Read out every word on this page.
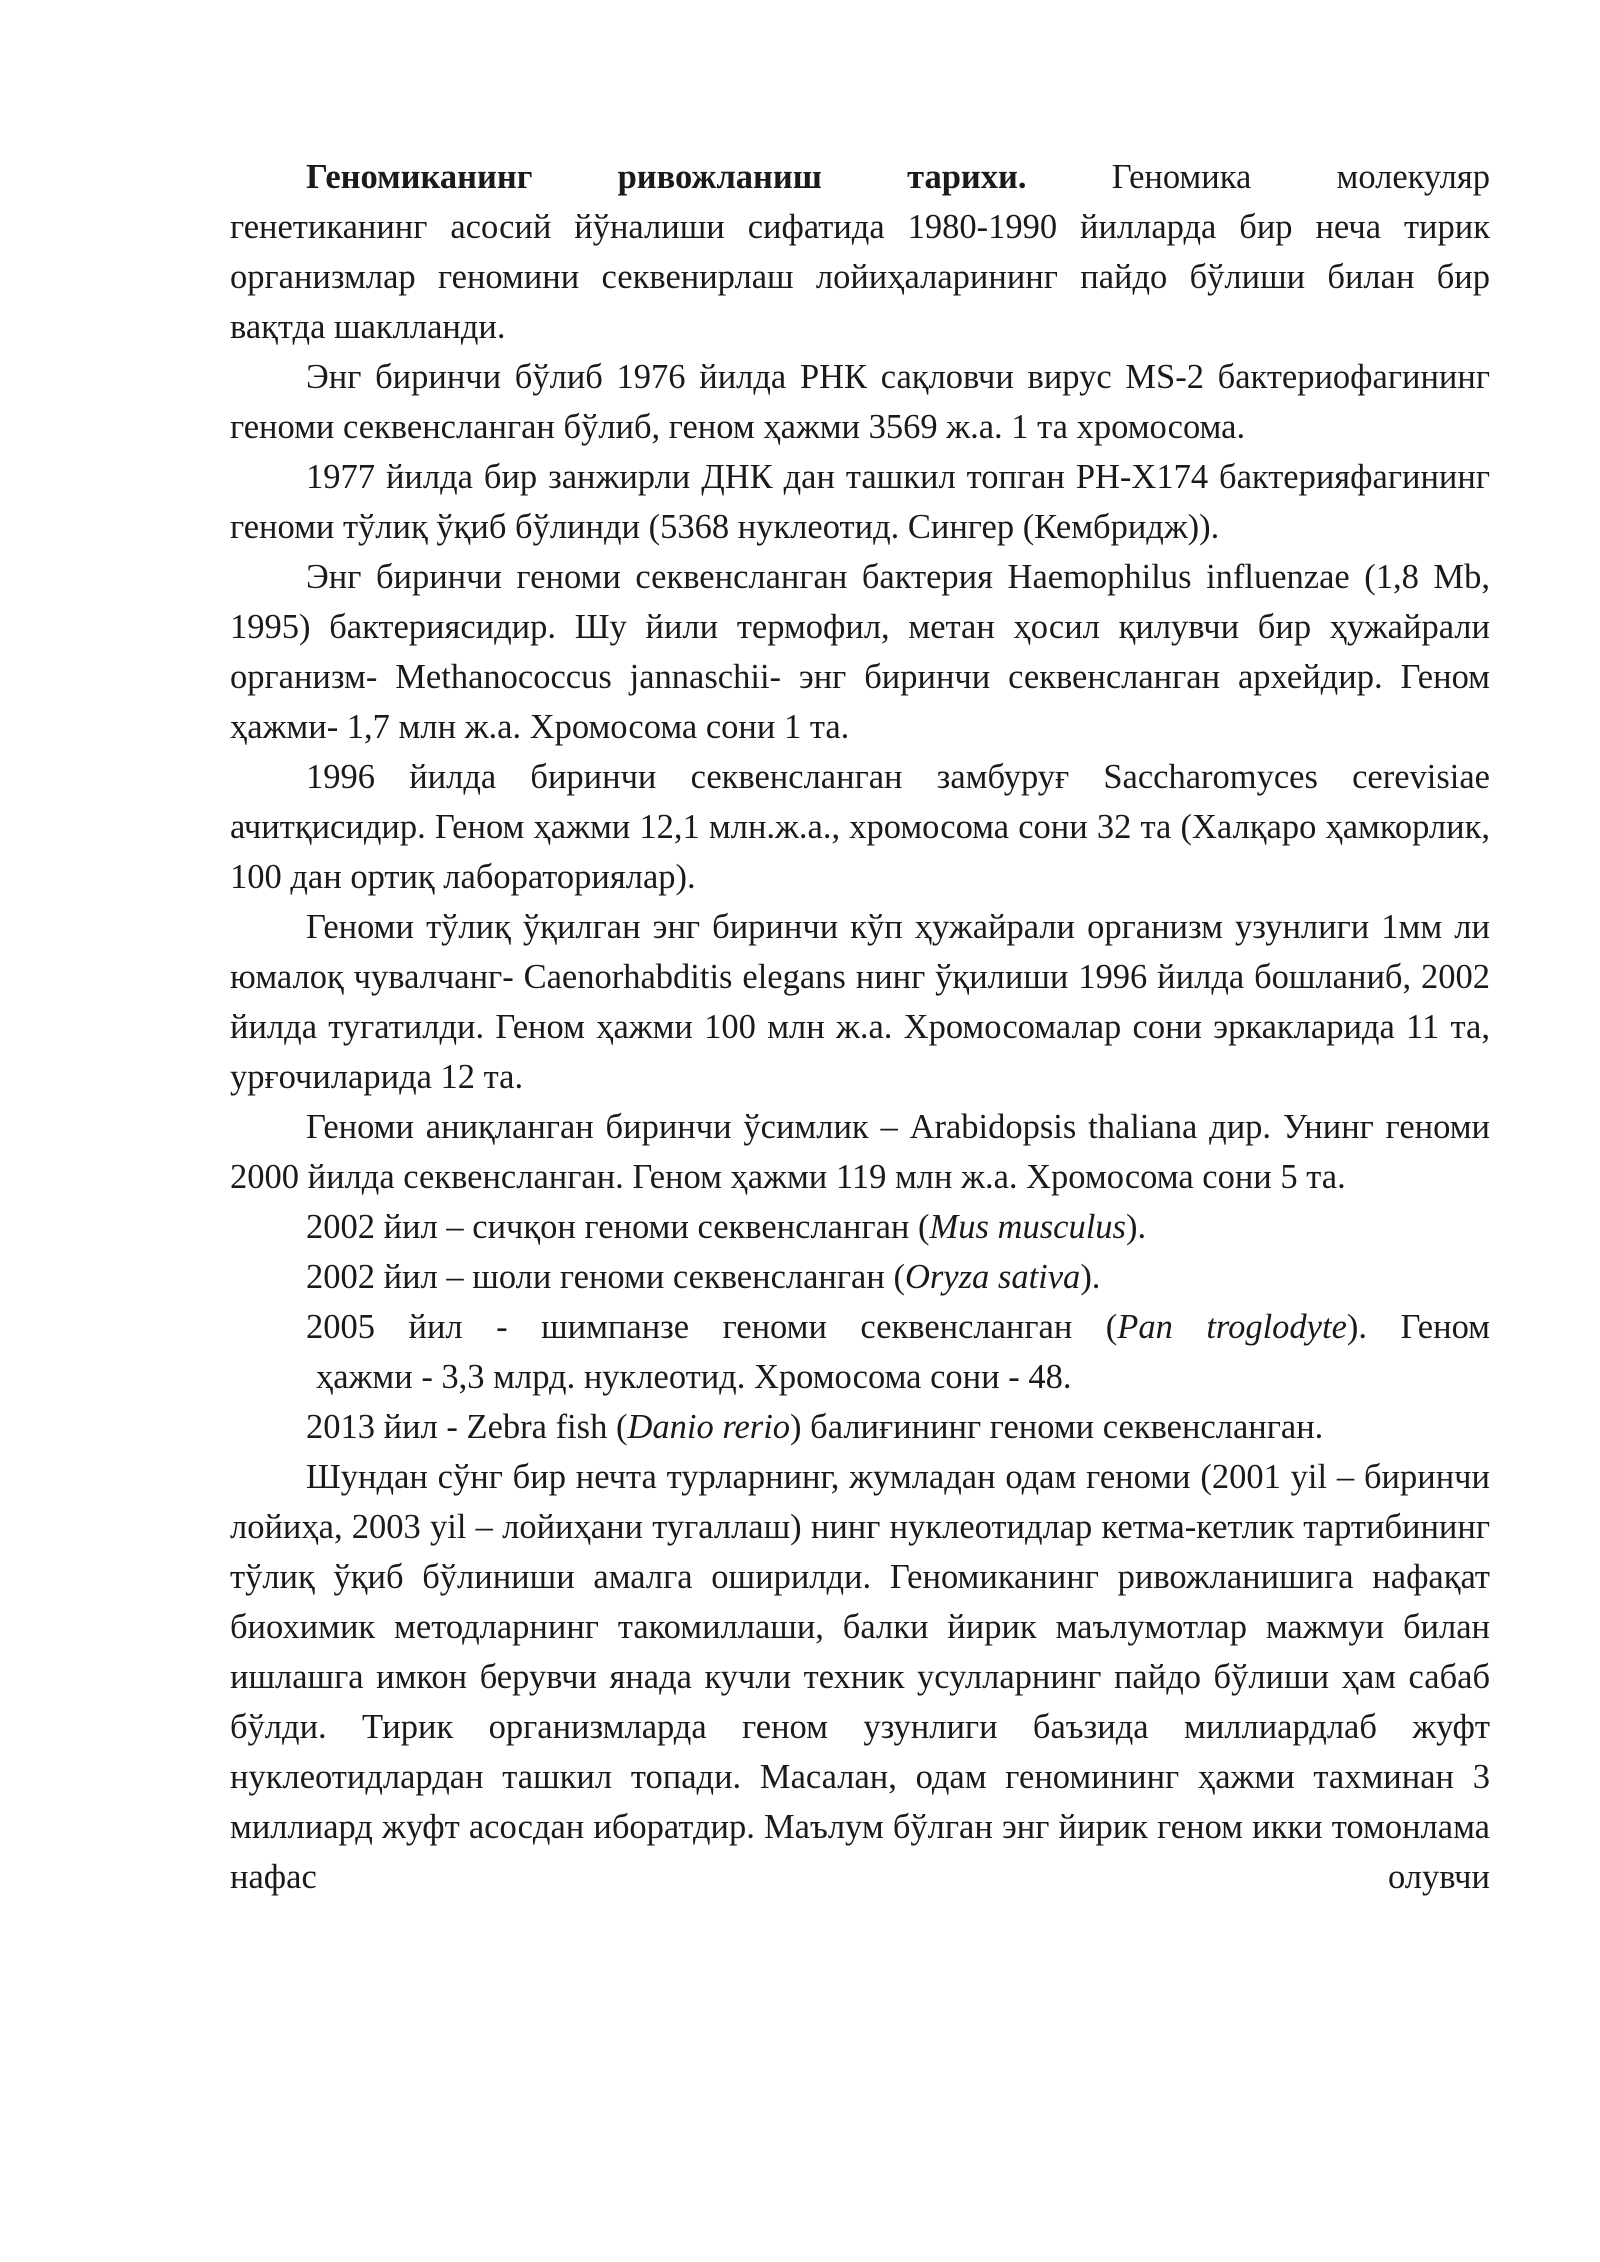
Геномиканинг ривожланиш тарихи. Геномика молекуляр
генетиканинг асосий йўналиши сифатида 1980-1990 йилларда бир неча тирик организмлар геномини секвенирлаш лойиҳаларининг пайдо бўлиши билан бир вақтда шаклланди.

Энг биринчи бўлиб 1976 йилда РНК сақловчи вирус MS-2 бактериофагининг геноми секвенсланган бўлиб, геном ҳажми 3569 ж.а. 1 та хромосома.

1977 йилда бир занжирли ДНК дан ташкил топган PH-X174 бактерияфагининг геноми тўлиқ ўқиб бўлинди (5368 нуклеотид. Сингер (Кембридж)).

Энг биринчи геноми секвенсланган бактерия Haemophilus influenzae (1,8 Mb, 1995) бактериясидир. Шу йили термофил, метан ҳосил қилувчи бир ҳужайрали организм- Methanococcus jannaschii- энг биринчи секвенсланган архейдир. Геном ҳажми- 1,7 млн ж.а. Хромосома сони 1 та.

1996 йилда биринчи секвенсланган замбуруғ Saccharomyces cerevisiae ачитқисидир. Геном ҳажми 12,1 млн.ж.а., хромосома сони 32 та (Халқаро ҳамкорлик, 100 дан ортиқ лабораториялар).

Геноми тўлиқ ўқилган энг биринчи кўп ҳужайрали организм узунлиги 1мм ли юмалоқ чувалчанг- Caenorhabditis elegans нинг ўқилиши 1996 йилда бошланиб, 2002 йилда тугатилди. Геном ҳажми 100 млн ж.а. Хромосомалар сони эркакларида 11 та, урғочиларида 12 та.

Геноми аниқланган биринчи ўсимлик – Arabidopsis thaliana дир. Унинг геноми 2000 йилда секвенсланган. Геном ҳажми 119 млн ж.а. Хромосома сони 5 та.

2002 йил – сичқон геноми секвенсланган (Mus musculus).

2002 йил – шоли геноми секвенсланган (Oryza sativa).

2005 йил - шимпанзе геноми секвенсланган (Pan troglodyte). Геном

ҳажми - 3,3 млрд. нуклеотид. Хромосома сони - 48.

2013 йил - Zebra fish (Danio rerio) балиғининг геноми секвенсланган.

Шундан сўнг бир нечта турларнинг, жумладан одам геноми (2001 yil – биринчи лойиҳа, 2003 yil – лойиҳани тугаллаш) нинг нуклеотидлар кетма-кетлик тартибининг тўлиқ ўқиб бўлиниши амалга оширилди. Геномиканинг ривожланишига нафақат биохимик методларнинг такомиллаши, балки йирик маълумотлар мажмуи билан ишлашга имкон берувчи янада кучли техник усулларнинг пайдо бўлиши ҳам сабаб бўлди. Тирик организмларда геном узунлиги баъзида миллиардлаб жуфт нуклеотидлардан ташкил топади. Масалан, одам геномининг ҳажми тахминан 3 миллиард жуфт асосдан иборатдир. Маълум бўлган энг йирик геном икки томонлама нафас олувчи
